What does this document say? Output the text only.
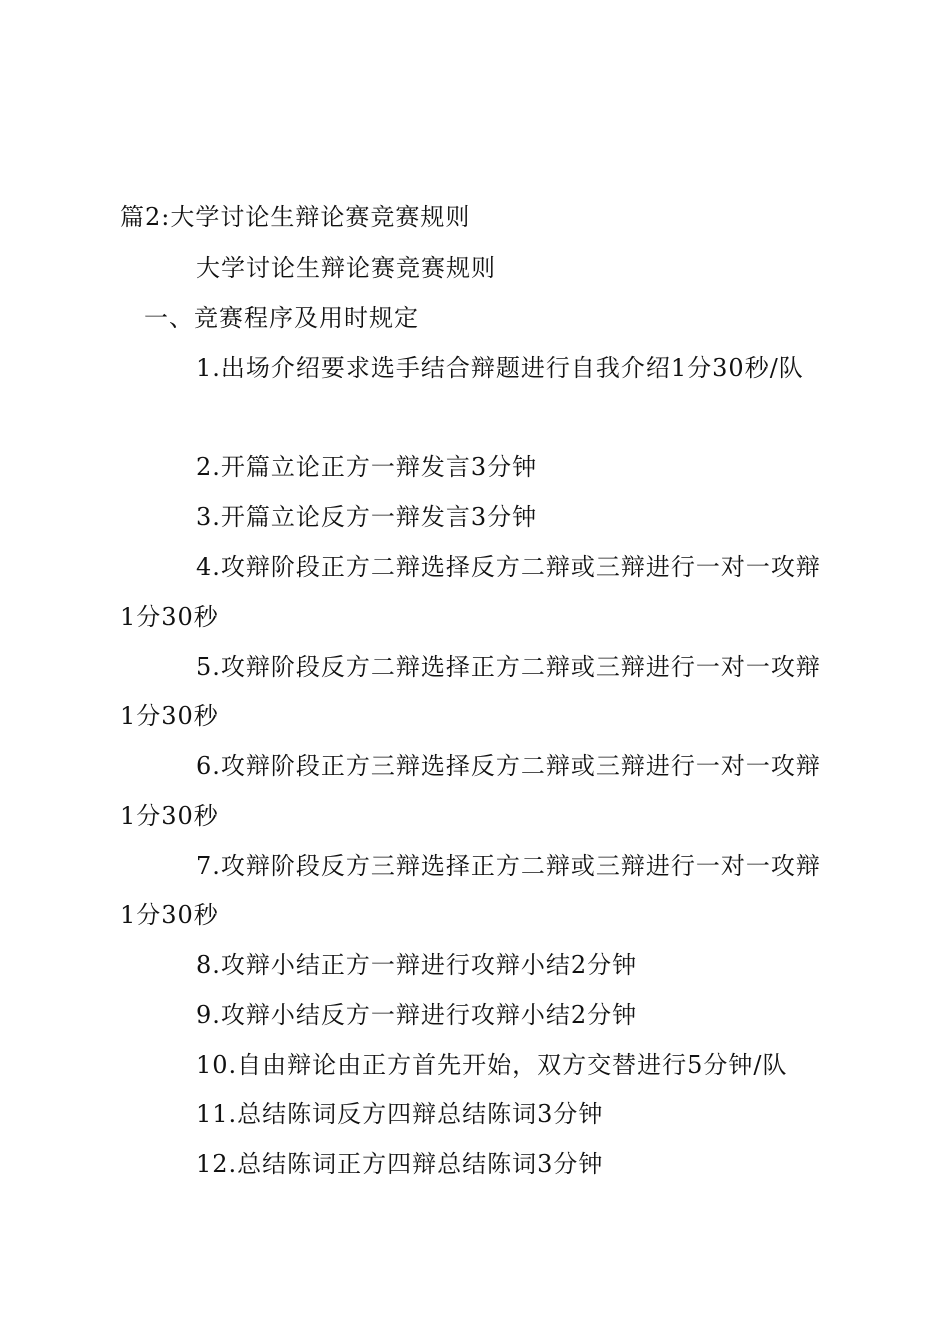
篇2:大学讨论生辩论赛竞赛规则
大学讨论生辩论赛竞赛规则
一、竞赛程序及用时规定
1.出场介绍要求选手结合辩题进行自我介绍1分30秒/队
2.开篇立论正方一辩发言3分钟
3.开篇立论反方一辩发言3分钟
4.攻辩阶段正方二辩选择反方二辩或三辩进行一对一攻辩
1分30秒
5.攻辩阶段反方二辩选择正方二辩或三辩进行一对一攻辩
1分30秒
6.攻辩阶段正方三辩选择反方二辩或三辩进行一对一攻辩
1分30秒
7.攻辩阶段反方三辩选择正方二辩或三辩进行一对一攻辩
1分30秒
8.攻辩小结正方一辩进行攻辩小结2分钟
9.攻辩小结反方一辩进行攻辩小结2分钟
10.自由辩论由正方首先开始，双方交替进行5分钟/队
11.总结陈词反方四辩总结陈词3分钟
12.总结陈词正方四辩总结陈词3分钟
